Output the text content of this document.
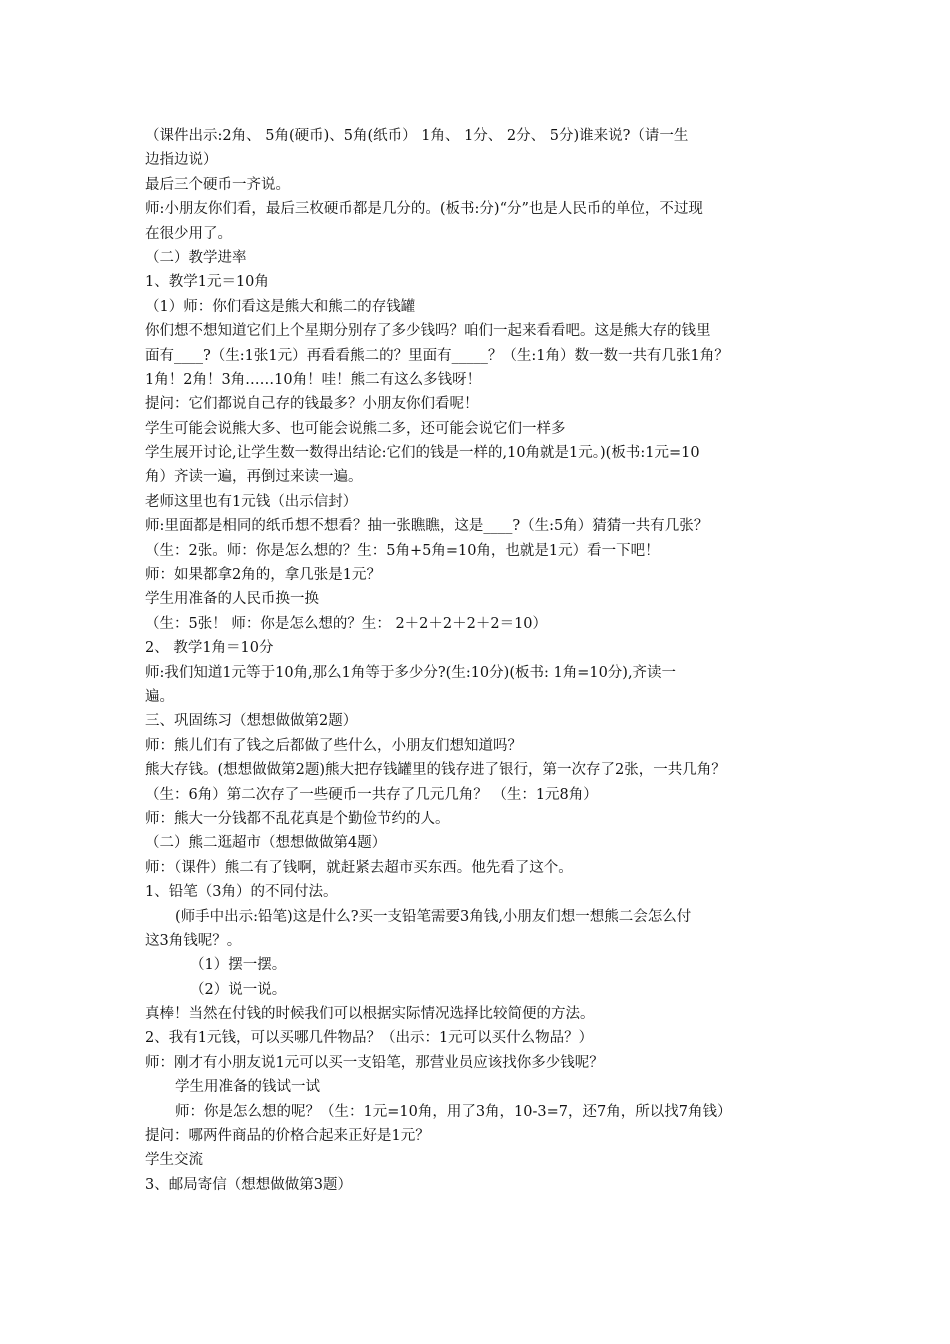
（课件出示:2角、 5角(硬币)、5角(纸币） 1角、 1分、 2分、 5分)谁来说?（请一生
边指边说）
最后三个硬币一齐说。
师:小朋友你们看，最后三枚硬币都是几分的。(板书:分)“分”也是人民币的单位，不过现
在很少用了。
（二）教学进率
1、教学1元＝10角
（1）师：你们看这是熊大和熊二的存钱罐
你们想不想知道它们上个星期分别存了多少钱吗？咱们一起来看看吧。这是熊大存的钱里
面有____?（生:1张1元）再看看熊二的？里面有_____？（生:1角）数一数一共有几张1角？
1角！2角！3角……10角！哇！熊二有这么多钱呀！
提问：它们都说自己存的钱最多？小朋友你们看呢！
学生可能会说熊大多、也可能会说熊二多，还可能会说它们一样多
学生展开讨论,让学生数一数得出结论:它们的钱是一样的,10角就是1元。)(板书:1元=10
角）齐读一遍，再倒过来读一遍。
老师这里也有1元钱（出示信封）
师:里面都是相同的纸币想不想看？抽一张瞧瞧，这是____?（生:5角）猜猜一共有几张？
（生：2张。师：你是怎么想的？生：5角+5角=10角，也就是1元）看一下吧！
师：如果都拿2角的，拿几张是1元？
学生用准备的人民币换一换
（生：5张！ 师：你是怎么想的？生： 2＋2＋2＋2＋2＝10）
2、 教学1角＝10分
师:我们知道1元等于10角,那么1角等于多少分?(生:10分)(板书: 1角=10分),齐读一
遍。
三、巩固练习（想想做做第2题）
师：熊儿们有了钱之后都做了些什么，小朋友们想知道吗？
熊大存钱。(想想做做第2题)熊大把存钱罐里的钱存进了银行，第一次存了2张，一共几角？
（生：6角）第二次存了一些硬币一共存了几元几角？ （生：1元8角）
师：熊大一分钱都不乱花真是个勤俭节约的人。
（二）熊二逛超市（想想做做第4题）
师：（课件）熊二有了钱啊，就赶紧去超市买东西。他先看了这个。
1、铅笔（3角）的不同付法。
(师手中出示:铅笔)这是什么?买一支铅笔需要3角钱,小朋友们想一想熊二会怎么付
这3角钱呢？。
（1）摆一摆。
（2）说一说。
真棒！当然在付钱的时候我们可以根据实际情况选择比较简便的方法。
2、我有1元钱，可以买哪几件物品？（出示：1元可以买什么物品？）
师：刚才有小朋友说1元可以买一支铅笔，那营业员应该找你多少钱呢？
学生用准备的钱试一试
师：你是怎么想的呢？（生：1元=10角，用了3角，10-3=7，还7角，所以找7角钱）
提问：哪两件商品的价格合起来正好是1元？
学生交流
3、邮局寄信（想想做做第3题）
